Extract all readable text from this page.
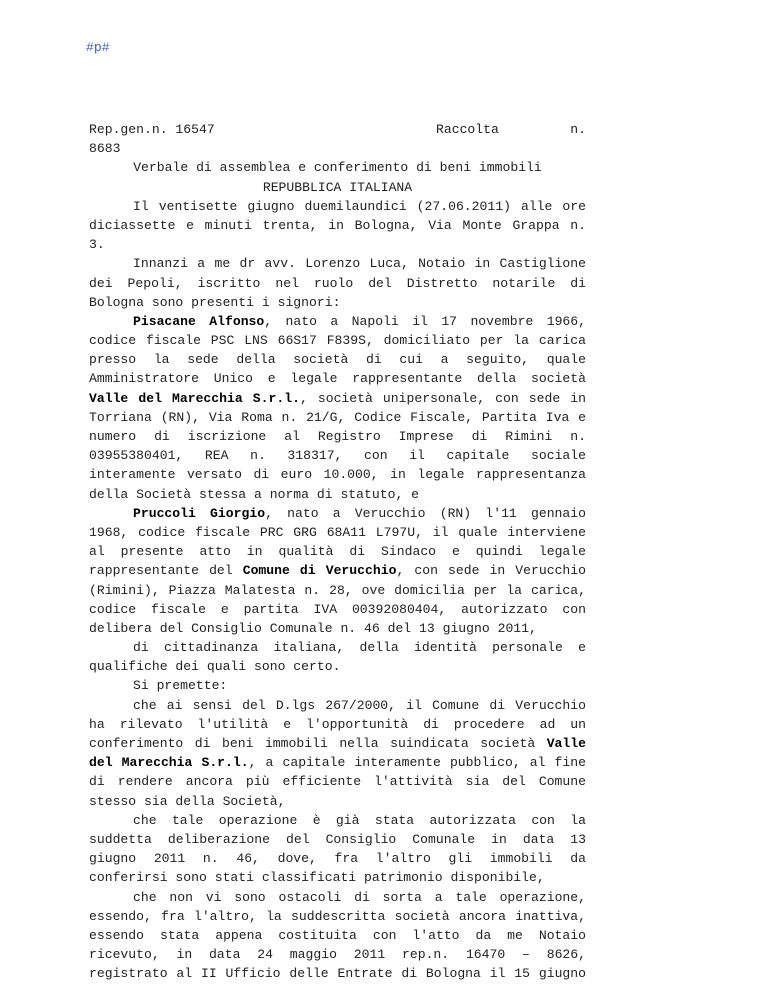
#p#
Rep.gen.n. 16547	Raccolta	n.
8683
Verbale di assemblea e conferimento di beni immobili
REPUBBLICA ITALIANA
Il ventisette giugno duemilaundici (27.06.2011) alle ore
diciassette e minuti trenta, in Bologna, Via Monte Grappa n.
3.
Innanzi a me dr avv. Lorenzo Luca, Notaio in Castiglione
dei Pepoli, iscritto nel ruolo del Distretto notarile di
Bologna sono presenti i signori:
Pisacane Alfonso, nato a Napoli il 17 novembre 1966,
codice fiscale PSC LNS 66S17 F839S, domiciliato per la carica
presso la sede della società di cui a seguito, quale
Amministratore Unico e legale rappresentante della società
Valle del Marecchia S.r.l., società unipersonale, con sede in
Torriana (RN), Via Roma n. 21/G, Codice Fiscale, Partita Iva e
numero di iscrizione al Registro Imprese di Rimini n.
03955380401, REA n. 318317, con il capitale sociale
interamente versato di euro 10.000, in legale rappresentanza
della Società stessa a norma di statuto, e
Pruccoli Giorgio, nato a Verucchio (RN) l'11 gennaio
1968, codice fiscale PRC GRG 68A11 L797U, il quale interviene
al presente atto in qualità di Sindaco e quindi legale
rappresentante del Comune di Verucchio, con sede in Verucchio
(Rimini), Piazza Malatesta n. 28, ove domicilia per la carica,
codice fiscale e partita IVA 00392080404, autorizzato con
delibera del Consiglio Comunale n. 46 del 13 giugno 2011,
di cittadinanza italiana, della identità personale e
qualifiche dei quali sono certo.
Si premette:
che ai sensi del D.lgs 267/2000, il Comune di Verucchio
ha rilevato l'utilità e l'opportunità di procedere ad un
conferimento di beni immobili nella suindicata società Valle
del Marecchia S.r.l., a capitale interamente pubblico, al fine
di rendere ancora più efficiente l'attività sia del Comune
stesso sia della Società,
che tale operazione è già stata autorizzata con la
suddetta deliberazione del Consiglio Comunale in data 13
giugno 2011 n. 46, dove, fra l'altro gli immobili da
conferirsi sono stati classificati patrimonio disponibile,
che non vi sono ostacoli di sorta a tale operazione,
essendo, fra l'altro, la suddescritta società ancora inattiva,
essendo stata appena costituita con l'atto da me Notaio
ricevuto, in data 24 maggio 2011 rep.n. 16470 – 8626,
registrato al II Ufficio delle Entrate di Bologna il 15 giugno
